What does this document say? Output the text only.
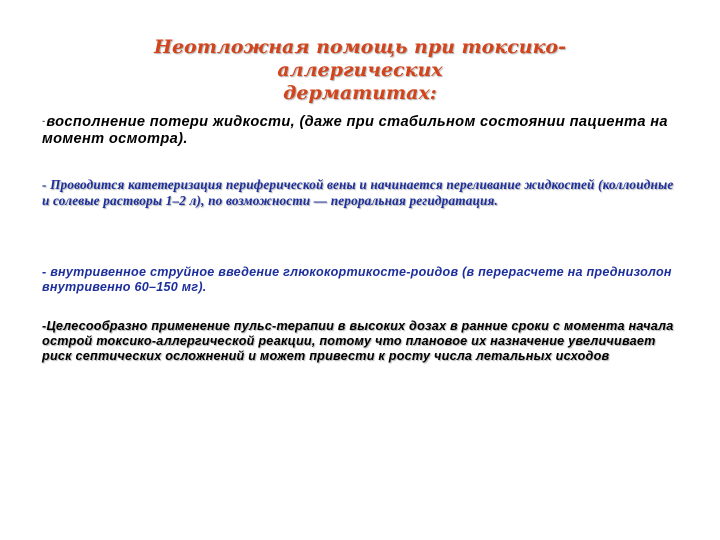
Неотложная помощь при токсико-аллергических
дерматитах:

-восполнение потери жидкости, (даже при стабильном состоянии пациента на момент осмотра).

- Проводится катетеризация периферической вены и начинается переливание жидкостей (коллоидные и солевые растворы 1–2 л), по возможности — пероральная регидратация.

- внутривенное струйное введение глюкокортикосте-роидов (в перерасчете на преднизолон внутривенно 60–150 мг).

-Целесообразно применение пульс-терапии в высоких дозах в ранние сроки с момента начала острой токсико-аллергической реакции, потому что плановое их назначение увеличивает риск септических осложнений и может привести к росту числа летальных исходов
